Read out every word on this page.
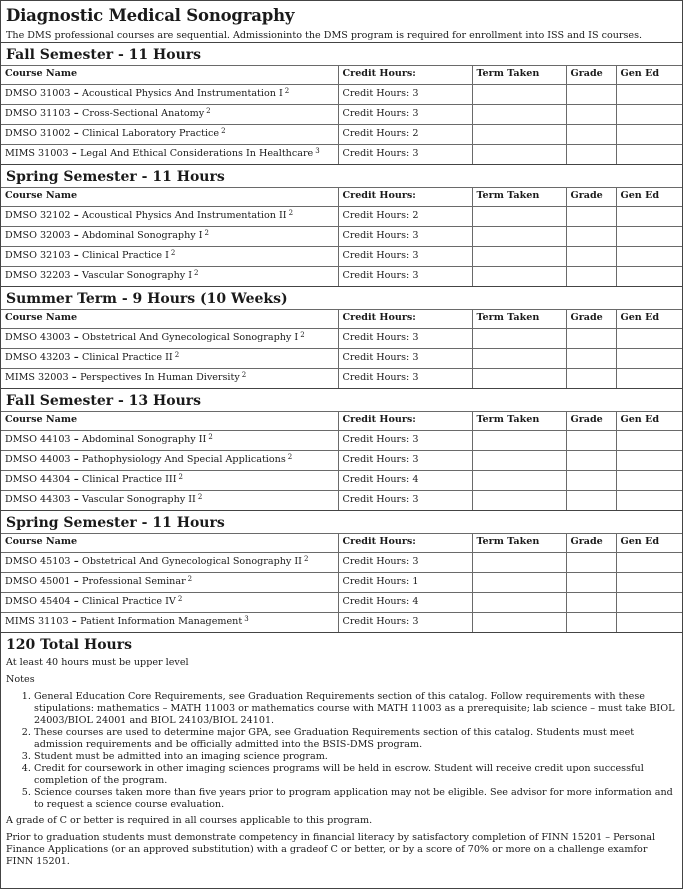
Diagnostic Medical Sonography
The DMS professional courses are sequential. Admissioninto the DMS program is required for enrollment into ISS and IS courses.
Fall Semester - 11 Hours
Course Name	Credit Hours:	Term Taken	Grade	Gen Ed
DMSO 31003 – Acoustical Physics And Instrumentation I $^2$	Credit Hours: 3			
DMSO 31103 – Cross-Sectional Anatomy $^2$	Credit Hours: 3			
DMSO 31002 – Clinical Laboratory Practice $^2$	Credit Hours: 2			
MIMS 31003 – Legal And Ethical Considerations In Healthcare $^3$	Credit Hours: 3			
Spring Semester - 11 Hours
Course Name	Credit Hours:	Term Taken	Grade	Gen Ed
DMSO 32102 – Acoustical Physics And Instrumentation II $^2$	Credit Hours: 2			
DMSO 32003 – Abdominal Sonography I $^2$	Credit Hours: 3			
DMSO 32103 – Clinical Practice I $^2$	Credit Hours: 3			
DMSO 32203 – Vascular Sonography I $^2$	Credit Hours: 3			
Summer Term - 9 Hours (10 Weeks)
Course Name	Credit Hours:	Term Taken	Grade	Gen Ed
DMSO 43003 – Obstetrical And Gynecological Sonography I $^2$	Credit Hours: 3			
DMSO 43203 – Clinical Practice II $^2$	Credit Hours: 3			
MIMS 32003 – Perspectives In Human Diversity $^2$	Credit Hours: 3			
Fall Semester - 13 Hours
Course Name	Credit Hours:	Term Taken	Grade	Gen Ed
DMSO 44103 – Abdominal Sonography II $^2$	Credit Hours: 3			
DMSO 44003 – Pathophysiology And Special Applications $^2$	Credit Hours: 3			
DMSO 44304 – Clinical Practice III $^2$	Credit Hours: 4			
DMSO 44303 – Vascular Sonography II $^2$	Credit Hours: 3			
Spring Semester - 11 Hours
Course Name	Credit Hours:	Term Taken	Grade	Gen Ed
DMSO 45103 – Obstetrical And Gynecological Sonography II $^2$	Credit Hours: 3			
DMSO 45001 – Professional Seminar $^2$	Credit Hours: 1			
DMSO 45404 – Clinical Practice IV $^2$	Credit Hours: 4			
MIMS 31103 – Patient Information Management $^3$	Credit Hours: 3			
120 Total Hours

At least 40 hours must be upper level

Notes

1. General Education Core Requirements, see Graduation Requirements section of this catalog. Follow requirements with these stipulations: mathematics – MATH 11003 or mathematics course with MATH 11003 as a prerequisite; lab science – must take BIOL 24003/BIOL 24001 and BIOL 24103/BIOL 24101.
2. These courses are used to determine major GPA, see Graduation Requirements section of this catalog. Students must meet admission requirements and be officially admitted into the BSIS-DMS program.
3. Student must be admitted into an imaging science program.
4. Credit for coursework in other imaging sciences programs will be held in escrow. Student will receive credit upon successful completion of the program.
5. Science courses taken more than five years prior to program application may not be eligible. See advisor for more information and to request a science course evaluation.

A grade of C or better is required in all courses applicable to this program.

Prior to graduation students must demonstrate competency in financial literacy by satisfactory completion of FINN 15201 – Personal Finance Applications (or an approved substitution) with a gradeof C or better, or by a score of 70% or more on a challenge examfor FINN 15201.
